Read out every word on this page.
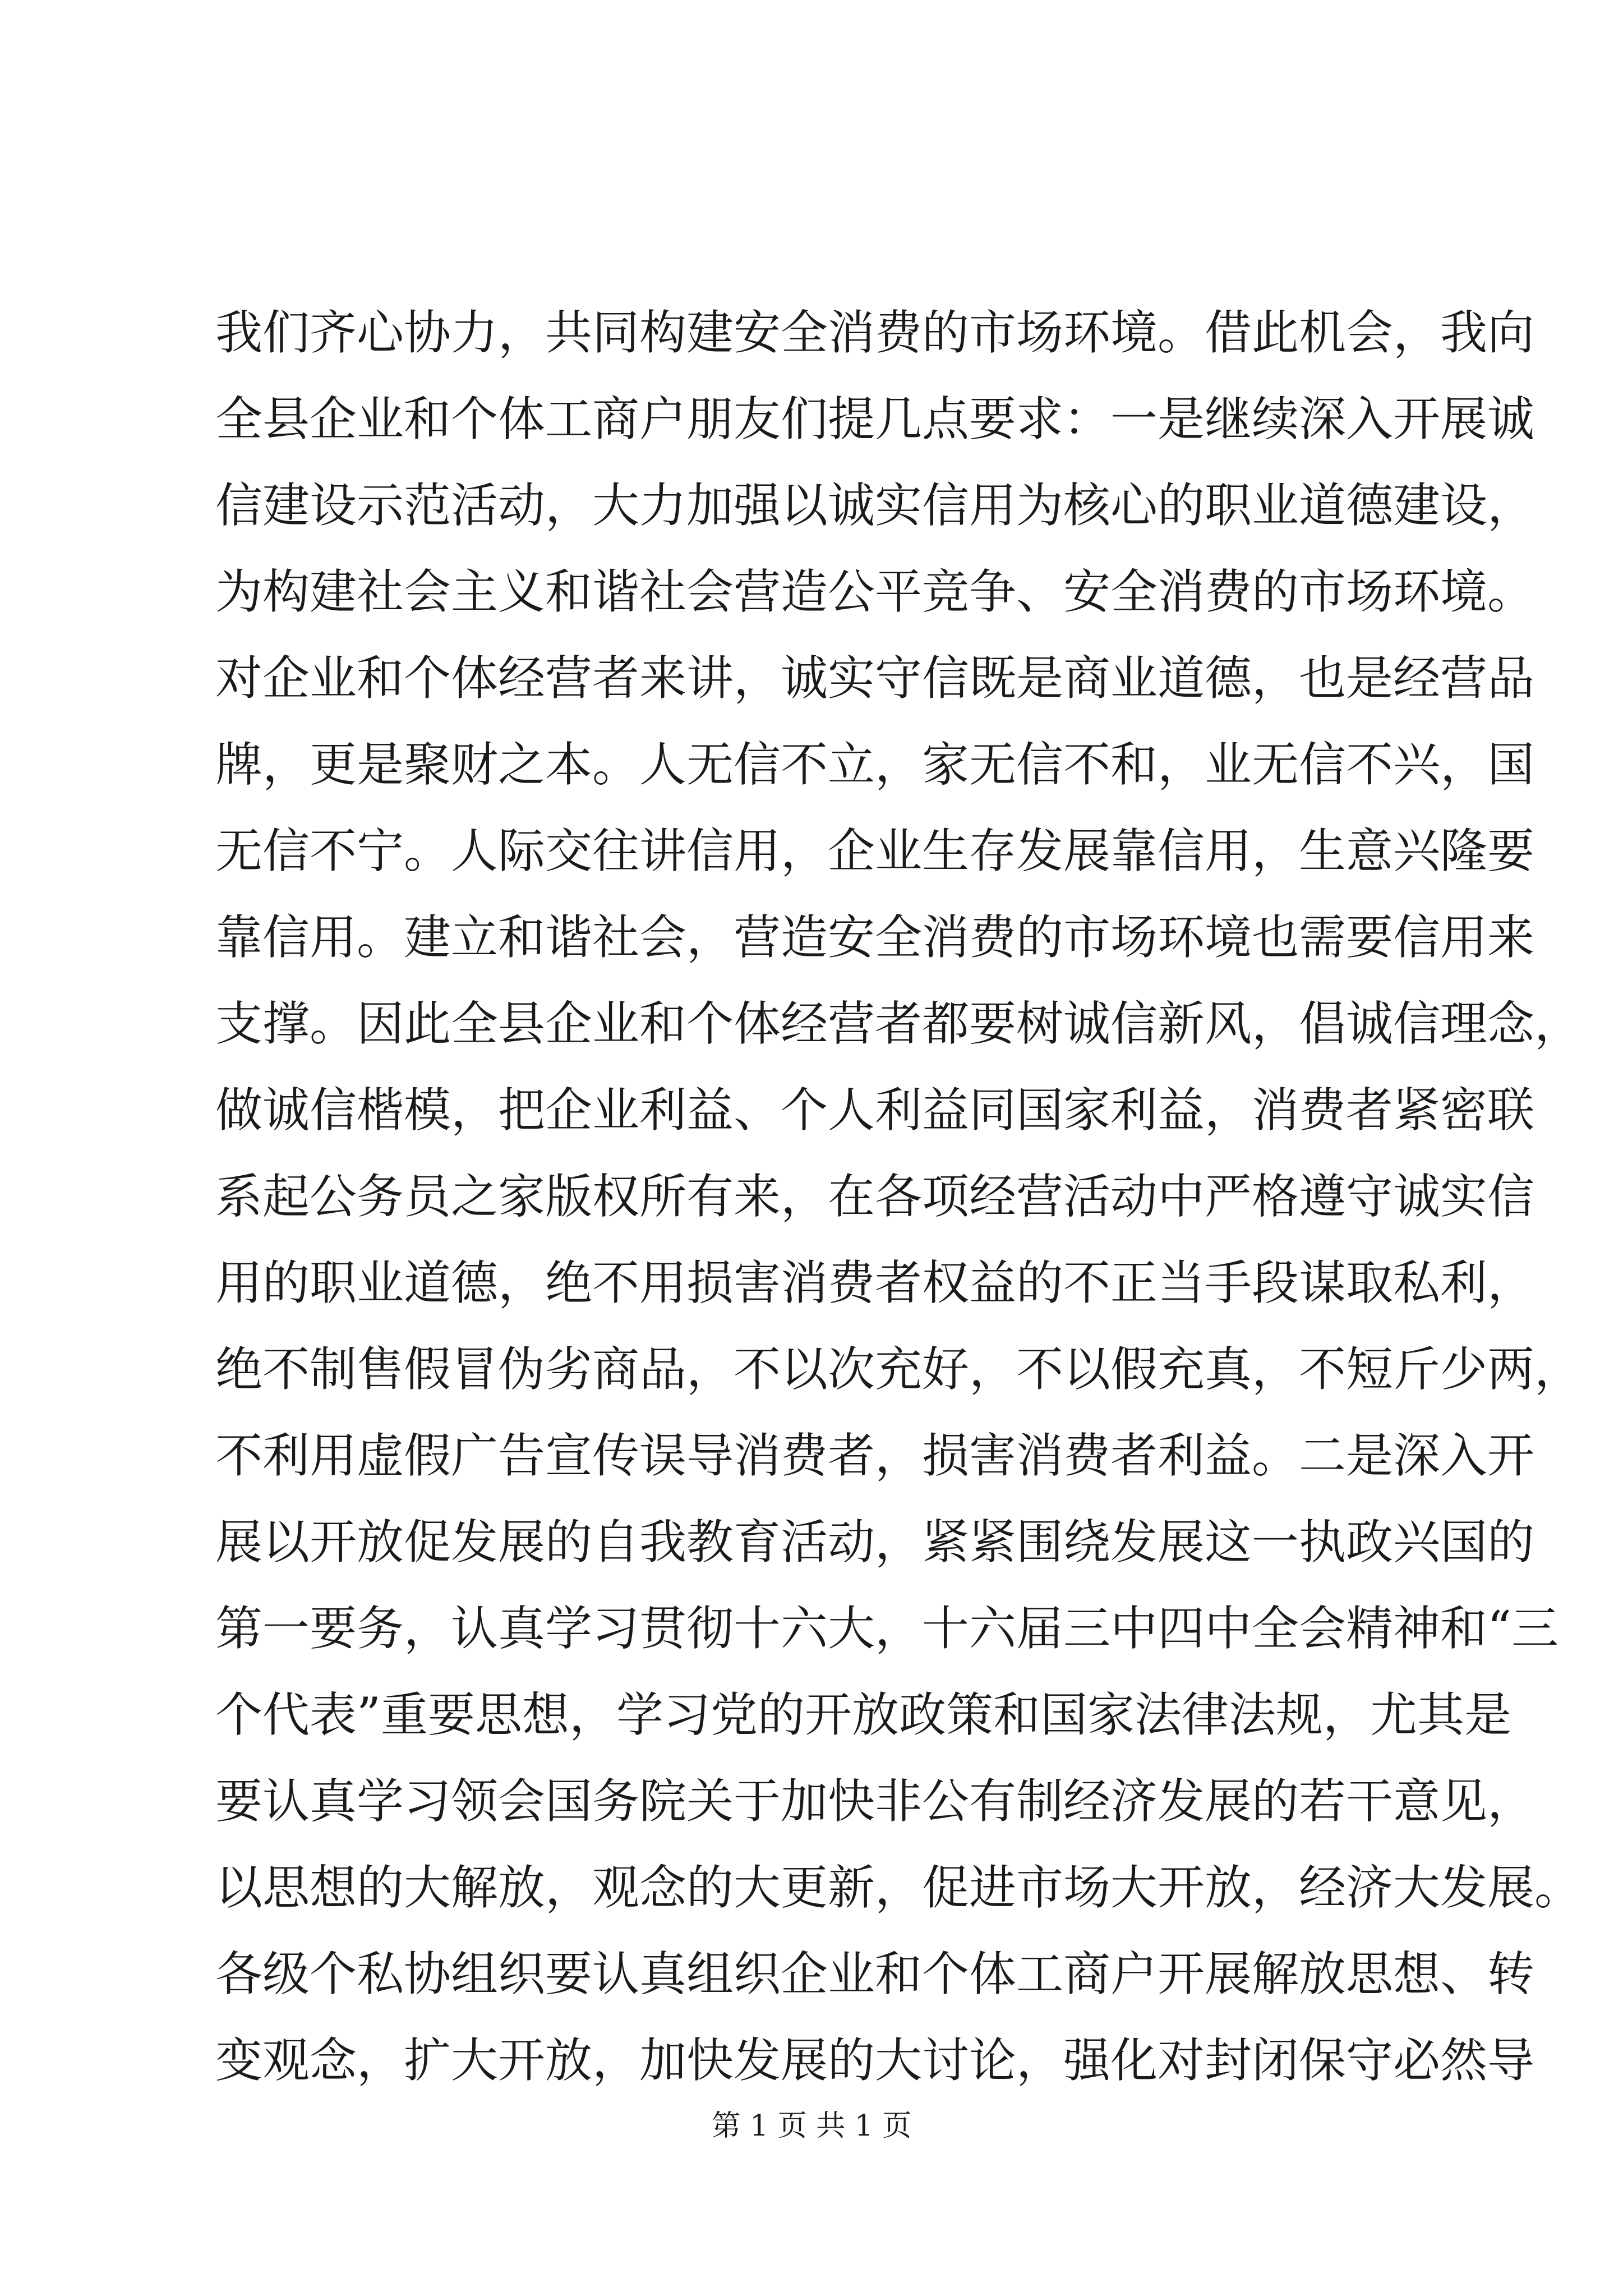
我们齐心协力，共同构建安全消费的市场环境。借此机会，我向
全县企业和个体工商户朋友们提几点要求：一是继续深入开展诚
信建设示范活动，大力加强以诚实信用为核心的职业道德建设，
为构建社会主义和谐社会营造公平竞争、安全消费的市场环境。
对企业和个体经营者来讲，诚实守信既是商业道德，也是经营品
牌，更是聚财之本。人无信不立，家无信不和，业无信不兴，国
无信不宁。人际交往讲信用，企业生存发展靠信用，生意兴隆要
靠信用。建立和谐社会，营造安全消费的市场环境也需要信用来
支撑。因此全县企业和个体经营者都要树诚信新风，倡诚信理念，
做诚信楷模，把企业利益、个人利益同国家利益，消费者紧密联
系起公务员之家版权所有来，在各项经营活动中严格遵守诚实信
用的职业道德，绝不用损害消费者权益的不正当手段谋取私利，
绝不制售假冒伪劣商品，不以次充好，不以假充真，不短斤少两，
不利用虚假广告宣传误导消费者，损害消费者利益。二是深入开
展以开放促发展的自我教育活动，紧紧围绕发展这一执政兴国的
第一要务，认真学习贯彻十六大，十六届三中四中全会精神和“三
个代表”重要思想，学习党的开放政策和国家法律法规，尤其是
要认真学习领会国务院关于加快非公有制经济发展的若干意见，
以思想的大解放，观念的大更新，促进市场大开放，经济大发展。
各级个私协组织要认真组织企业和个体工商户开展解放思想、转
变观念，扩大开放，加快发展的大讨论，强化对封闭保守必然导
第 1 页 共 1 页
